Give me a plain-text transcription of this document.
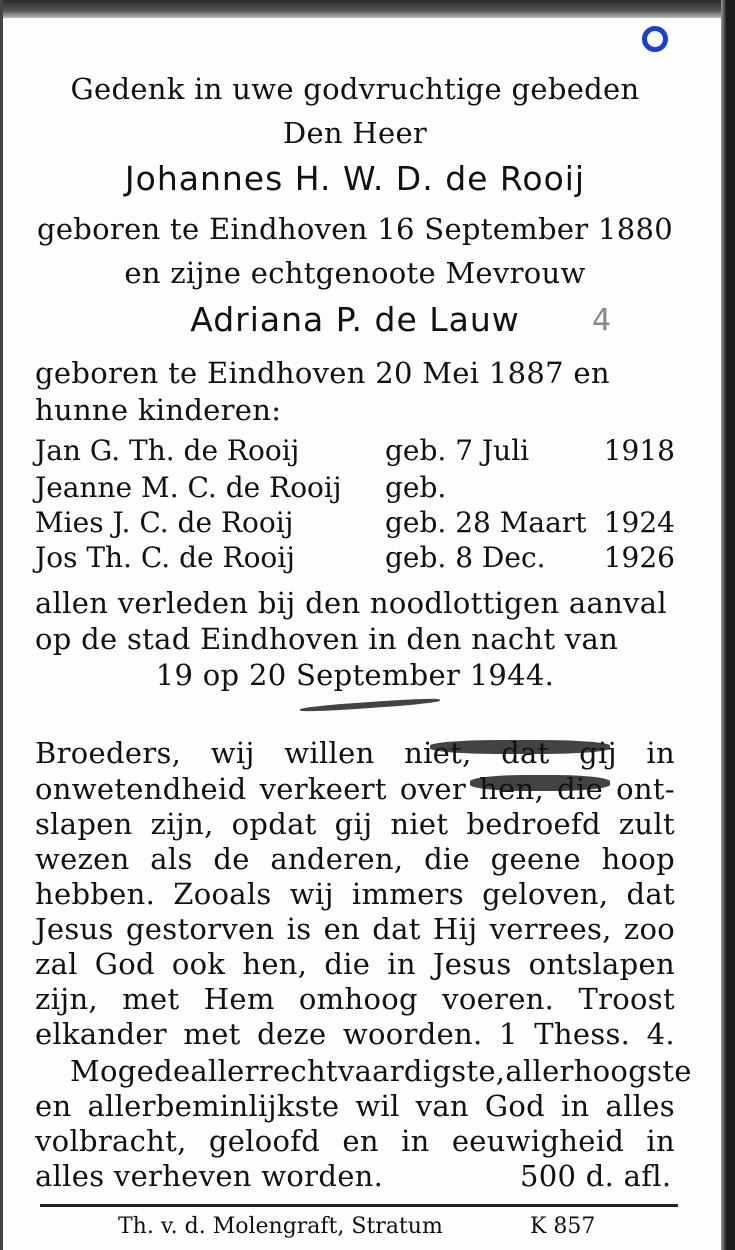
Gedenk in uwe godvruchtige gebeden
Den Heer
Johannes H. W. D. de Rooij
geboren te Eindhoven 16 September 1880
en zijne echtgenoote Mevrouw
Adriana P. de Lauw	4
geboren te Eindhoven 20 Mei 1887 en
hunne kinderen:
Jan G. Th. de Rooij	geb. 7 Juli	1918
Jeanne M. C. de Rooij geb.
Mies J. C. de Rooij	geb. 28 Maart 1924
Jos Th. C. de Rooij	geb. 8 Dec. 1926
allen verleden bij den noodlottigen aanval
op de stad Eindhoven in den nacht van
19 op 20 September 1944.
Broeders, wij willen niet, dat gij in
onwetendheid verkeert over hen, die ont-
slapen zijn, opdat gij niet bedroefd zult
wezen als de anderen, die geene hoop
hebben. Zooals wij immers geloven, dat
Jesus gestorven is en dat Hij verrees, zoo
zal God ook hen, die in Jesus ontslapen
zijn, met Hem omhoog voeren. Troost
elkander met deze woorden. 1 Thess. 4.
Moge de allerrechtvaardigste, allerhoogste
en allerbeminlijkste wil van God in alles
volbracht, geloofd en in eeuwigheid in
alles verheven worden.	500 d. afl.
Th. v. d. Molengraft, Stratum	K 857
